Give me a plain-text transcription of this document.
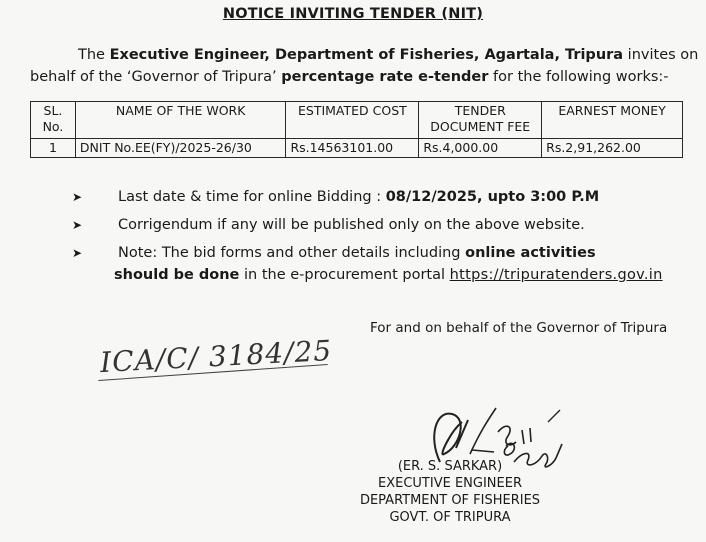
NOTICE INVITING TENDER (NIT)
The Executive Engineer, Department of Fisheries, Agartala, Tripura invites on
behalf of the ‘Governor of Tripura’ percentage rate e-tender for the following works:-
SL. No.	NAME OF THE WORK	ESTIMATED COST	TENDER DOCUMENT FEE	EARNEST MONEY
1	DNIT No.EE(FY)/2025-26/30	Rs.14563101.00	Rs.4,000.00	Rs.2,91,262.00
➤ Last date & time for online Bidding : 08/12/2025, upto 3:00 P.M
➤ Corrigendum if any will be published only on the above website.
➤ Note: The bid forms and other details including online activities
should be done in the e-procurement portal https://tripuratenders.gov.in
For and on behalf of the Governor of Tripura
ICA/C/ 3184/25
(ER. S. SARKAR)
EXECUTIVE ENGINEER
DEPARTMENT OF FISHERIES
GOVT. OF TRIPURA
